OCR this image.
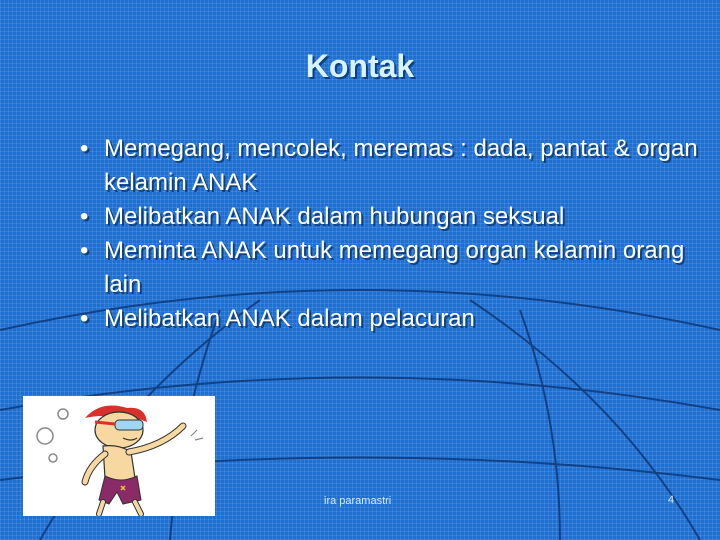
Kontak
• Memegang, mencolek, meremas : dada, pantat & organ kelamin ANAK
• Melibatkan ANAK dalam hubungan seksual
• Meminta ANAK untuk memegang organ kelamin orang lain
• Melibatkan ANAK dalam pelacuran
ira paramastri	4
